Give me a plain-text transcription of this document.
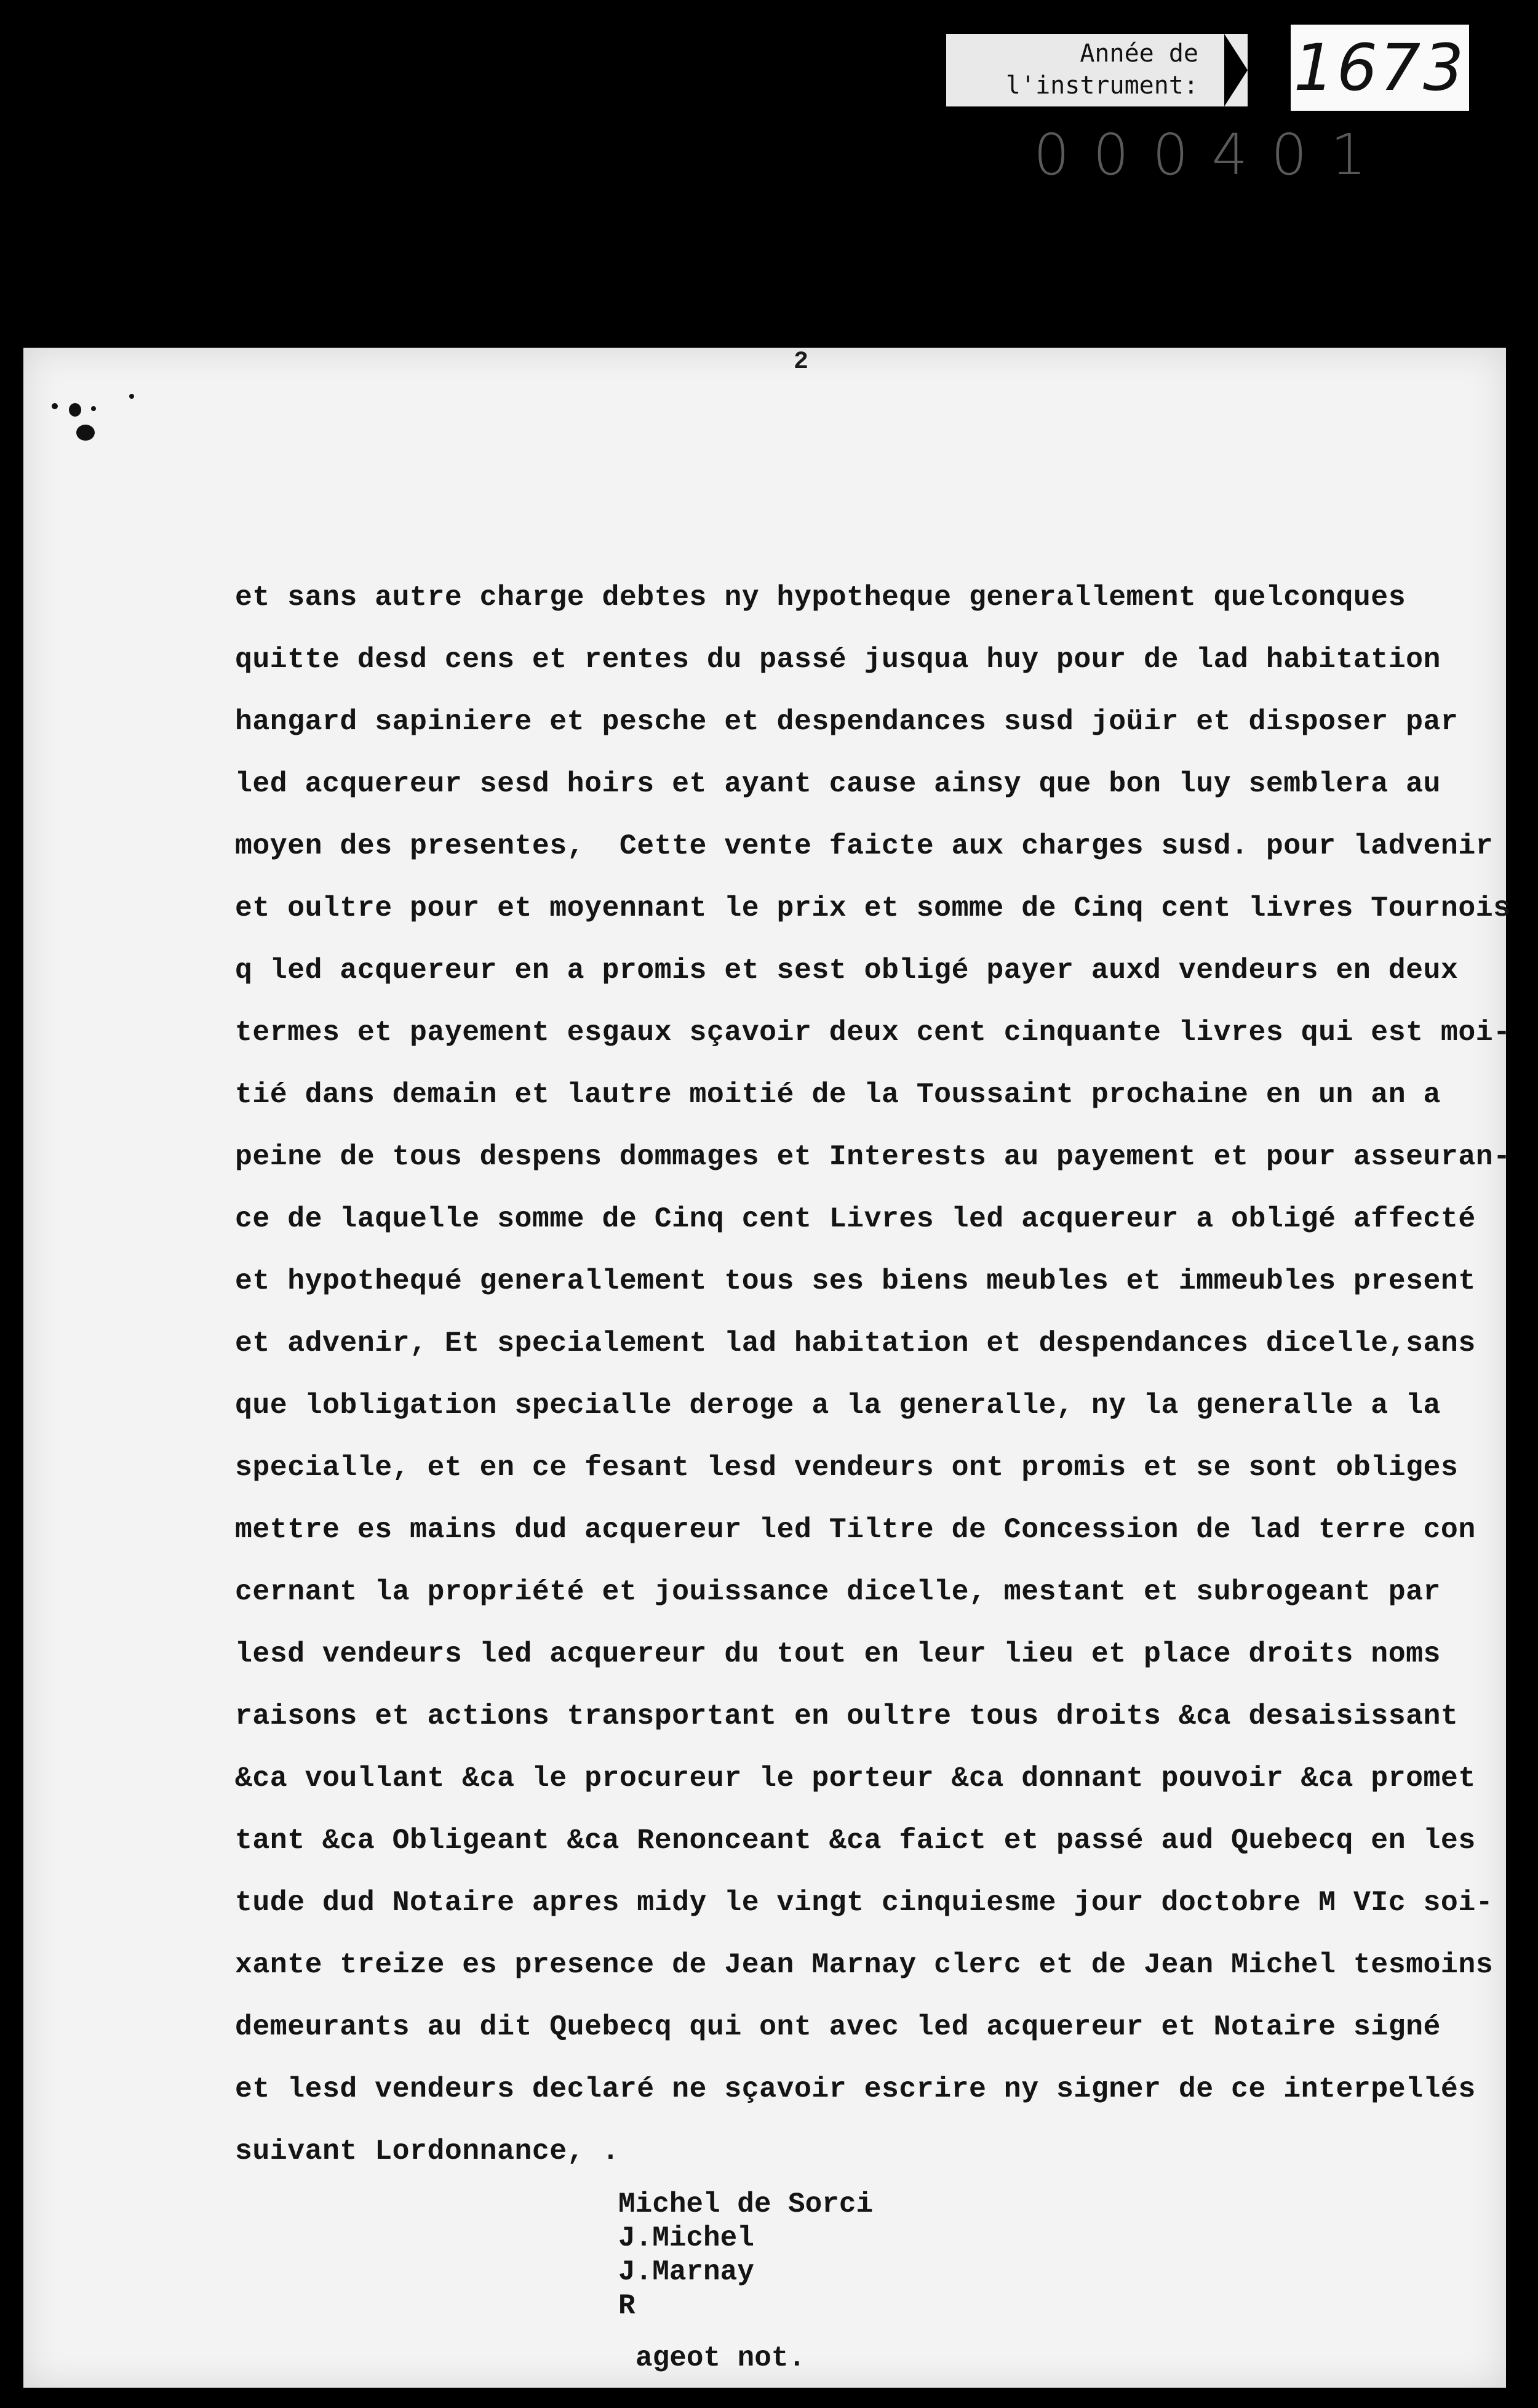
Année de
l'instrument: 1673
000401
2
et sans autre charge debtes ny hypotheque generallement quelconques
quitte desd cens et rentes du passé jusqua huy pour de lad habitation
hangard sapiniere et pesche et despendances susd joüir et disposer par
led acquereur sesd hoirs et ayant cause ainsy que bon luy semblera au
moyen des presentes,  Cette vente faicte aux charges susd. pour ladvenir
et oultre pour et moyennant le prix et somme de Cinq cent livres Tournois
q led acquereur en a promis et sest obligé payer auxd vendeurs en deux
termes et payement esgaux sçavoir deux cent cinquante livres qui est moi-
tié dans demain et lautre moitié de la Toussaint prochaine en un an a
peine de tous despens dommages et Interests au payement et pour asseuran-
ce de laquelle somme de Cinq cent Livres led acquereur a obligé affecté
et hypothequé generallement tous ses biens meubles et immeubles present
et advenir, Et specialement lad habitation et despendances dicelle,sans
que lobligation specialle deroge a la generalle, ny la generalle a la
specialle, et en ce fesant lesd vendeurs ont promis et se sont obliges
mettre es mains dud acquereur led Tiltre de Concession de lad terre con
cernant la propriété et jouissance dicelle, mestant et subrogeant par
lesd vendeurs led acquereur du tout en leur lieu et place droits noms
raisons et actions transportant en oultre tous droits &ca desaisissant
&ca voullant &ca le procureur le porteur &ca donnant pouvoir &ca promet
tant &ca Obligeant &ca Renonceant &ca faict et passé aud Quebecq en les
tude dud Notaire apres midy le vingt cinquiesme jour doctobre M VIc soi-
xante treize es presence de Jean Marnay clerc et de Jean Michel tesmoins
demeurants au dit Quebecq qui ont avec led acquereur et Notaire signé
et lesd vendeurs declaré ne sçavoir escrire ny signer de ce interpellés
suivant Lordonnance, .
Michel de Sorci
J.Michel
J.Marnay
R
ageot not.
